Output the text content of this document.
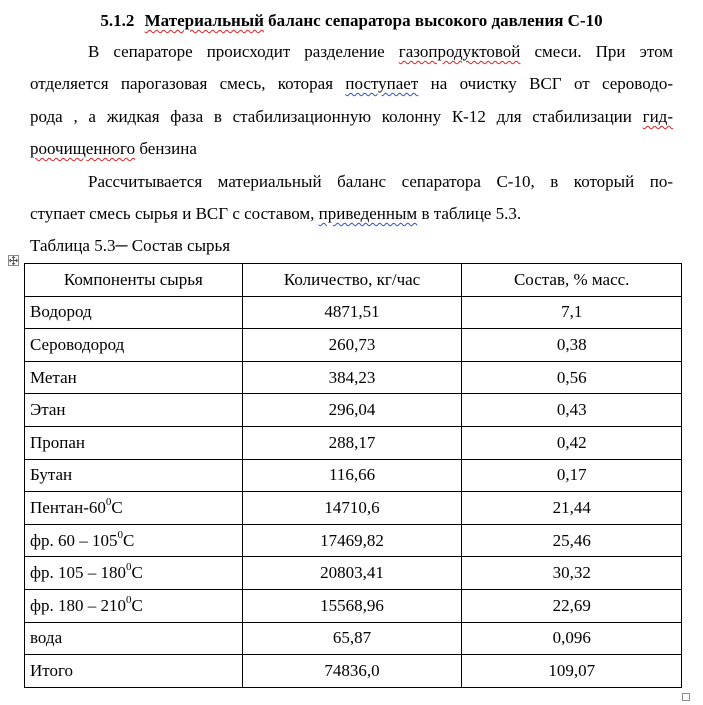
5.1.2 Материальный баланс сепаратора высокого давления С-10
В сепараторе происходит разделение газопродуктовой смеси. При этом
отделяется парогазовая смесь, которая поступает на очистку ВСГ от сероводо-
рода , а жидкая фаза в стабилизационную колонну К-12 для стабилизации гид-
роочищенного бензина
Рассчитывается материальный баланс сепаратора С-10, в который по-
ступает смесь сырья и ВСГ с составом, приведенным в таблице 5.3.
Таблица 5.3─ Состав сырья
Компоненты сырья	Количество, кг/час	Состав, % масс.
Водород	4871,51	7,1
Сероводород	260,73	0,38
Метан	384,23	0,56
Этан	296,04	0,43
Пропан	288,17	0,42
Бутан	116,66	0,17
Пентан-$60^0С$	14710,6	21,44
фр. $60 - 105^0С$	17469,82	25,46
фр. $105 - 180^0С$	20803,41	30,32
фр. $180 - 210^0С$	15568,96	22,69
вода	65,87	0,096
Итого	74836,0	109,07
